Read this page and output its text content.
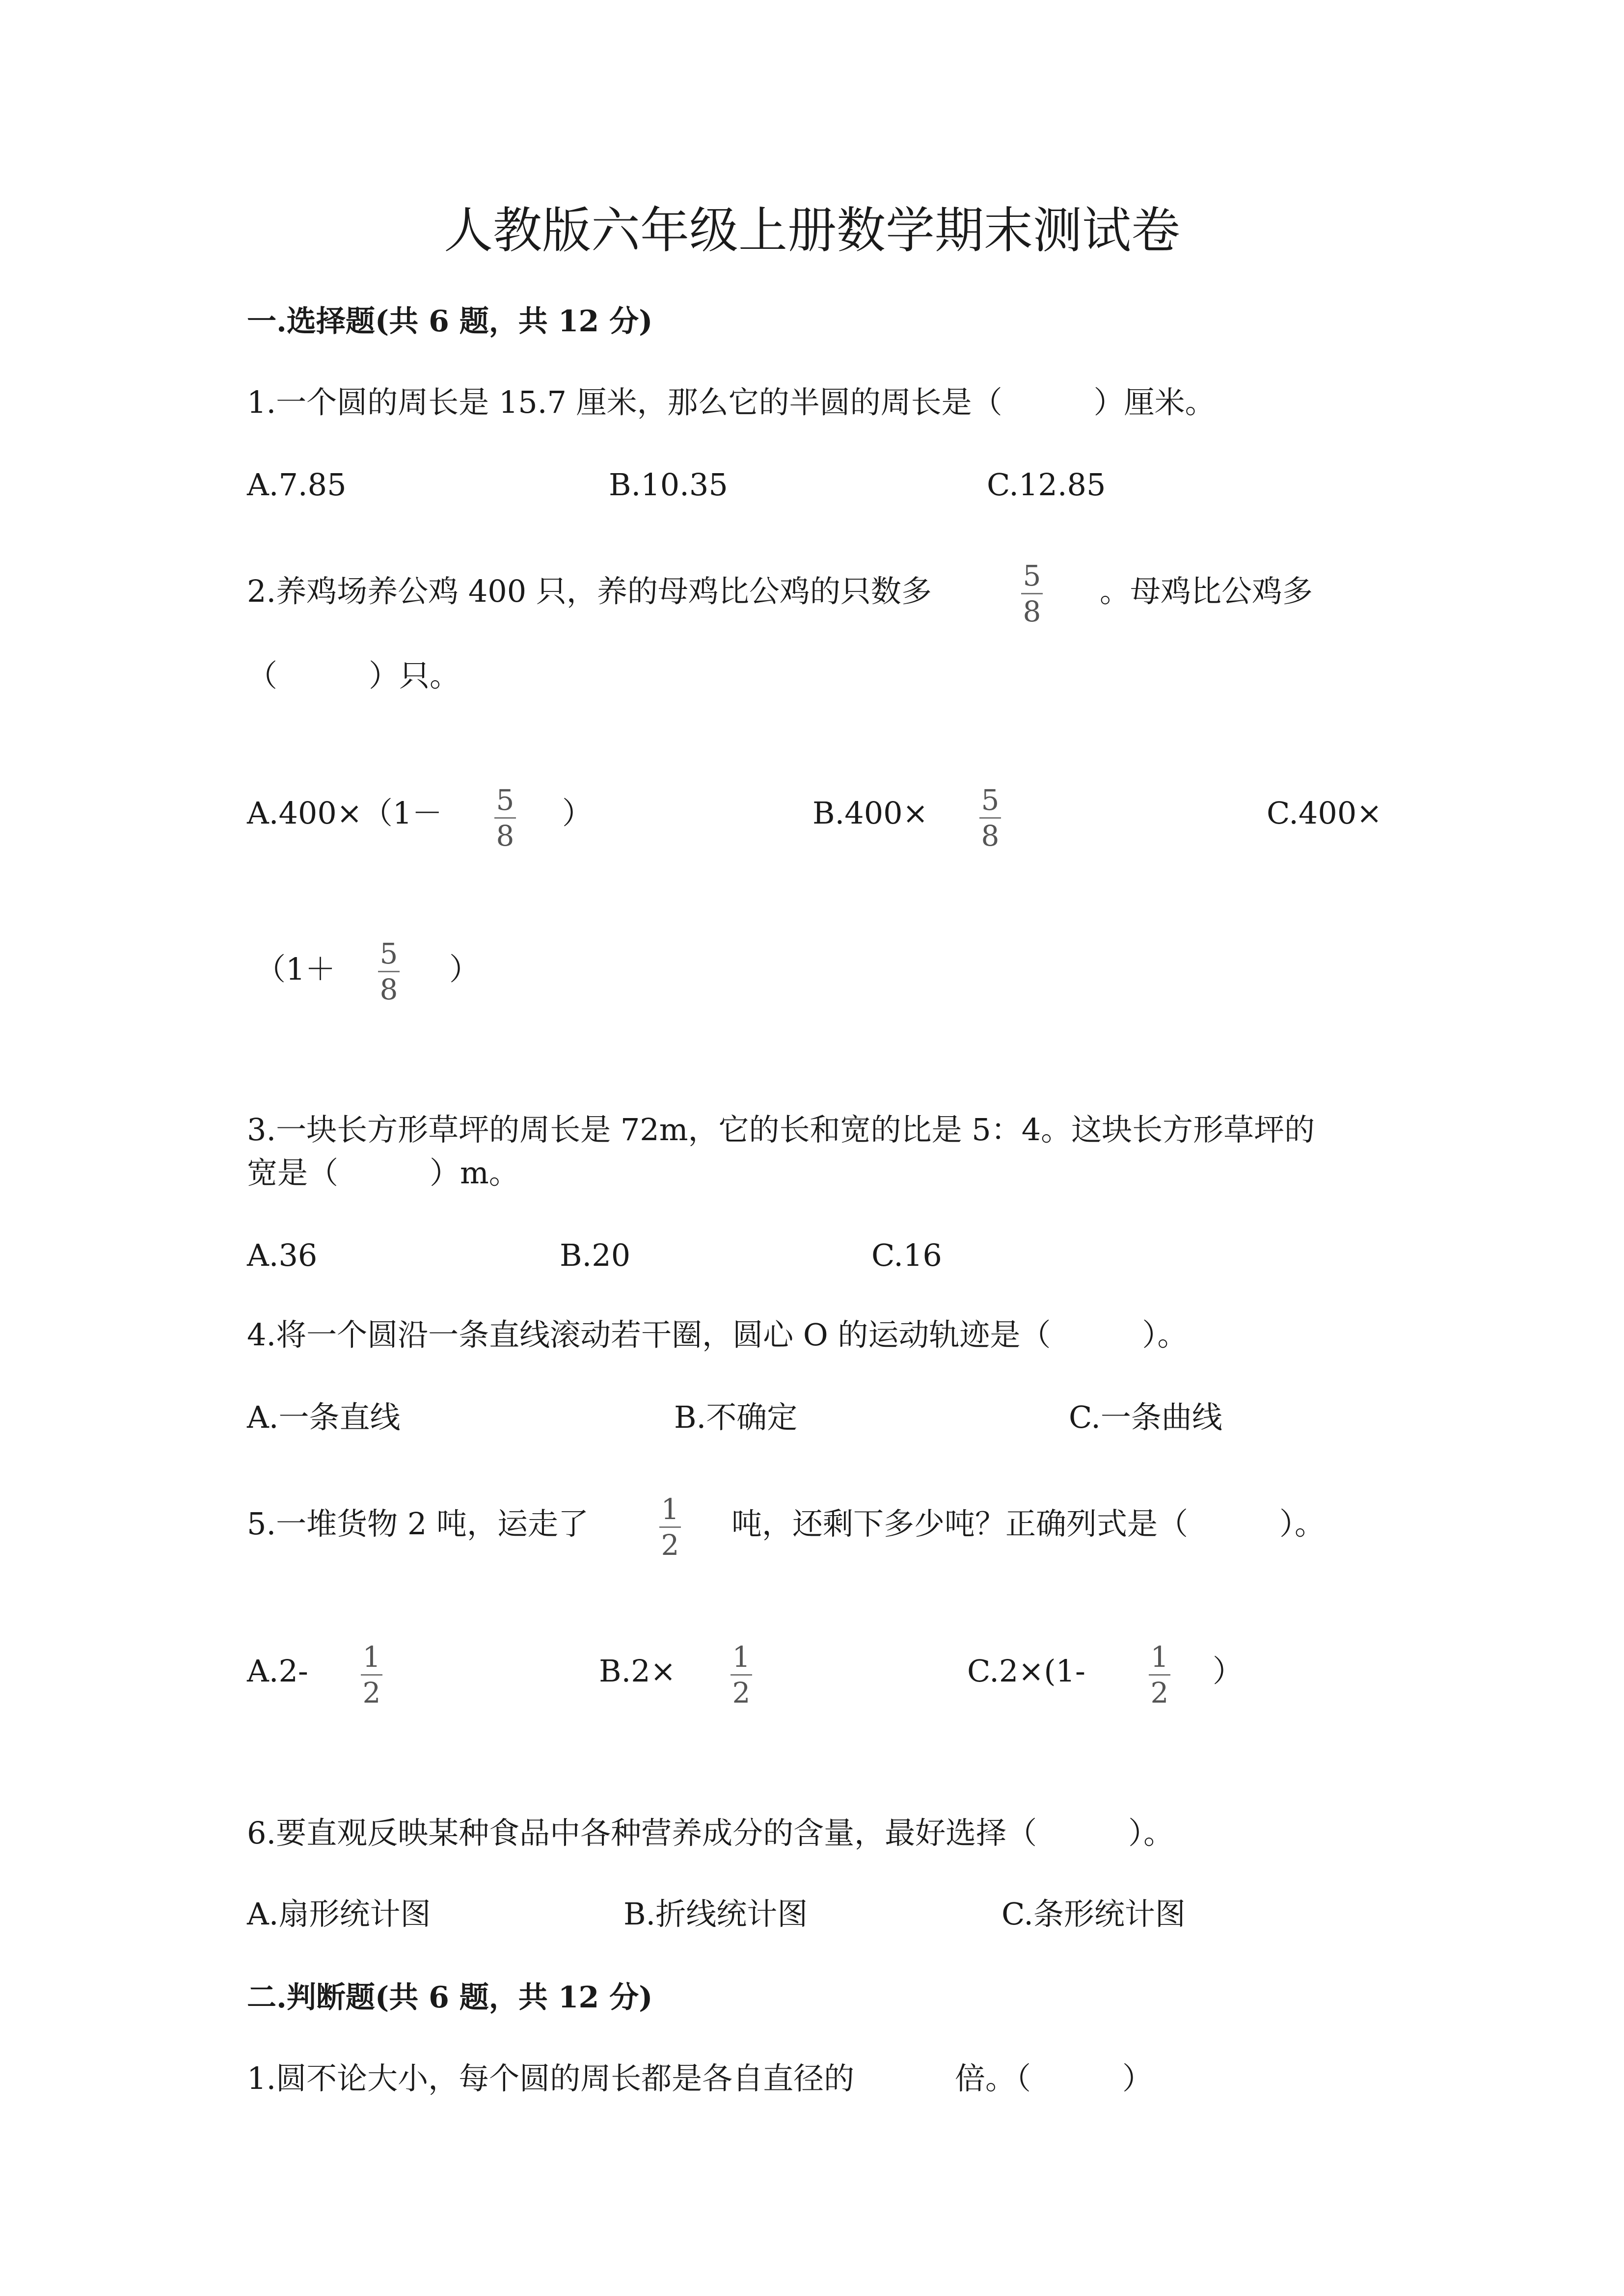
人教版六年级上册数学期末测试卷
一.选择题(共 6 题，共 12 分)
1.一个圆的周长是 15.7 厘米，那么它的半圆的周长是（　　　）厘米。
A.7.85	B.10.35	C.12.85
2.养鸡场养公鸡 400 只，养的母鸡比公鸡的只数多	5
8
。母鸡比公鸡多
（　　　）只。
A.400×（1－ 5
8
）	B.400× 5
8
C.400×
（1＋ 5
8
）
3.一块长方形草坪的周长是 72m，它的长和宽的比是 5：4。这块长方形草坪的
宽是（　　　）m。
A.36	B.20	C.16
4.将一个圆沿一条直线滚动若干圈，圆心 O 的运动轨迹是（　　　）。
A.一条直线	B.不确定	C.一条曲线
5.一堆货物 2 吨，运走了	1
2
吨，还剩下多少吨？正确列式是（　　　）。
A.2- 1
2
B.2× 1
2
C.2×(1- 1
2
）
6.要直观反映某种食品中各种营养成分的含量，最好选择（　　　）。
A.扇形统计图	B.折线统计图	C.条形统计图
二.判断题(共 6 题，共 12 分)
1.圆不论大小，每个圆的周长都是各自直径的	倍。（　　　）
